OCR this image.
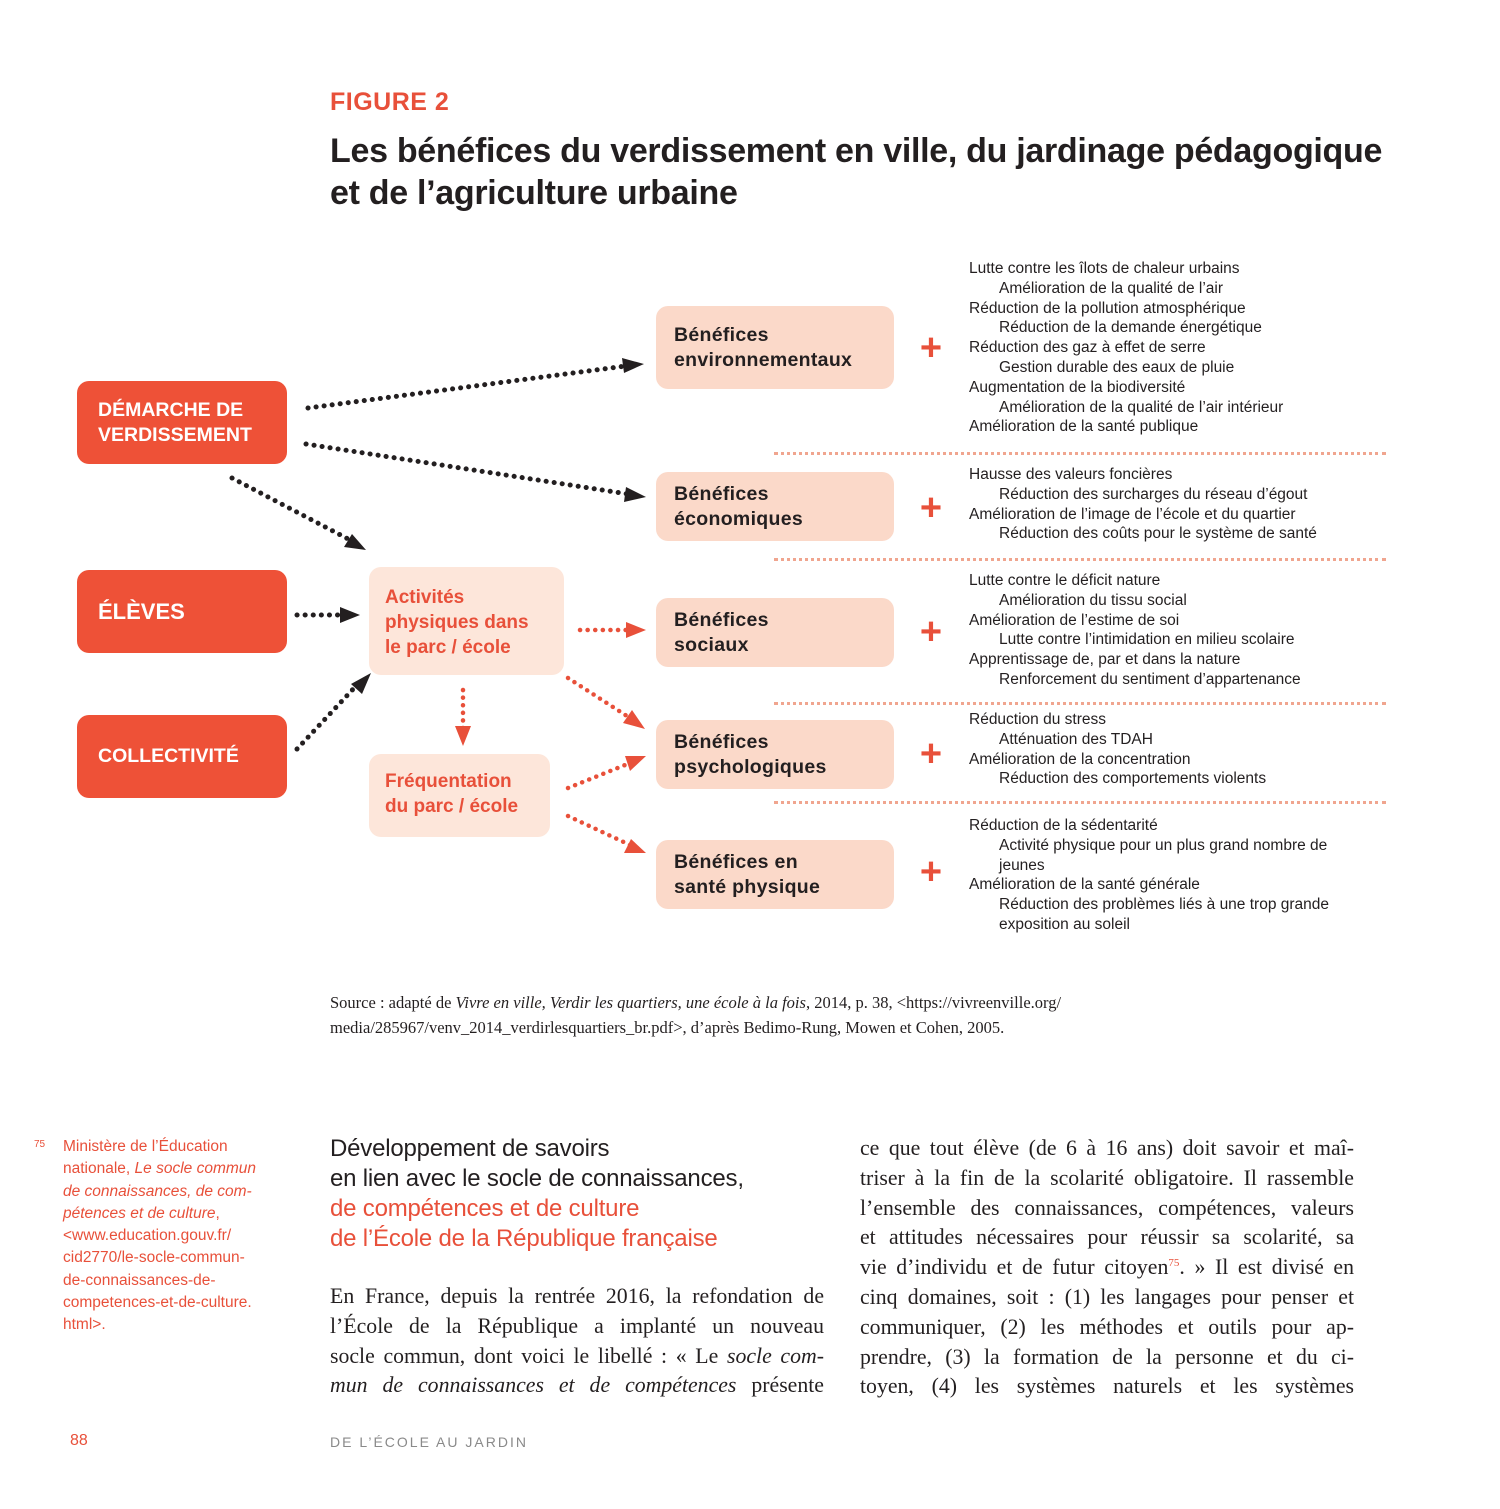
FIGURE 2
Les bénéfices du verdissement en ville, du jardinage pédagogique
et de l’agriculture urbaine
DÉMARCHE DE
VERDISSEMENT
ÉLÈVES
COLLECTIVITÉ
Activités
physiques dans
le parc / école
Fréquentation
du parc / école
Bénéfices
environnementaux
Bénéfices
économiques
Bénéfices
sociaux
Bénéfices
psychologiques
Bénéfices en
santé physique
+
+
+
+
+
Lutte contre les îlots de chaleur urbains
Amélioration de la qualité de l’air
Réduction de la pollution atmosphérique
Réduction de la demande énergétique
Réduction des gaz à effet de serre
Gestion durable des eaux de pluie
Augmentation de la biodiversité
Amélioration de la qualité de l’air intérieur
Amélioration de la santé publique
Hausse des valeurs foncières
Réduction des surcharges du réseau d’égout
Amélioration de l’image de l’école et du quartier
Réduction des coûts pour le système de santé
Lutte contre le déficit nature
Amélioration du tissu social
Amélioration de l’estime de soi
Lutte contre l’intimidation en milieu scolaire
Apprentissage de, par et dans la nature
Renforcement du sentiment d’appartenance
Réduction du stress
Atténuation des TDAH
Amélioration de la concentration
Réduction des comportements violents
Réduction de la sédentarité
Activité physique pour un plus grand nombre de jeunes
Amélioration de la santé générale
Réduction des problèmes liés à une trop grande exposition au soleil
Source : adapté de Vivre en ville, Verdir les quartiers, une école à la fois, 2014, p. 38, <https://vivreenville.org/
media/285967/venv_2014_verdirlesquartiers_br.pdf>, d’après Bedimo-Rung, Mowen et Cohen, 2005.
75 Ministère de l’Éducation
nationale, Le socle commun
de connaissances, de com-
pétences et de culture,
<www.education.gouv.fr/
cid2770/le-socle-commun-
de-connaissances-de-
competences-et-de-culture.
html>.
Développement de savoirs
en lien avec le socle de connaissances,
de compétences et de culture
de l’École de la République française
En France, depuis la rentrée 2016, la refondation de
l’École de la République a implanté un nouveau
socle commun, dont voici le libellé : « Le socle com-
mun de connaissances et de compétences présente
ce que tout élève (de 6 à 16 ans) doit savoir et maî-
triser à la fin de la scolarité obligatoire. Il rassemble
l’ensemble des connaissances, compétences, valeurs
et attitudes nécessaires pour réussir sa scolarité, sa
vie d’individu et de futur citoyen$^{75}$. » Il est divisé en
cinq domaines, soit : (1) les langages pour penser et
communiquer, (2) les méthodes et outils pour ap-
prendre, (3) la formation de la personne et du ci-
toyen, (4) les systèmes naturels et les systèmes
88	DE L’ÉCOLE AU JARDIN
